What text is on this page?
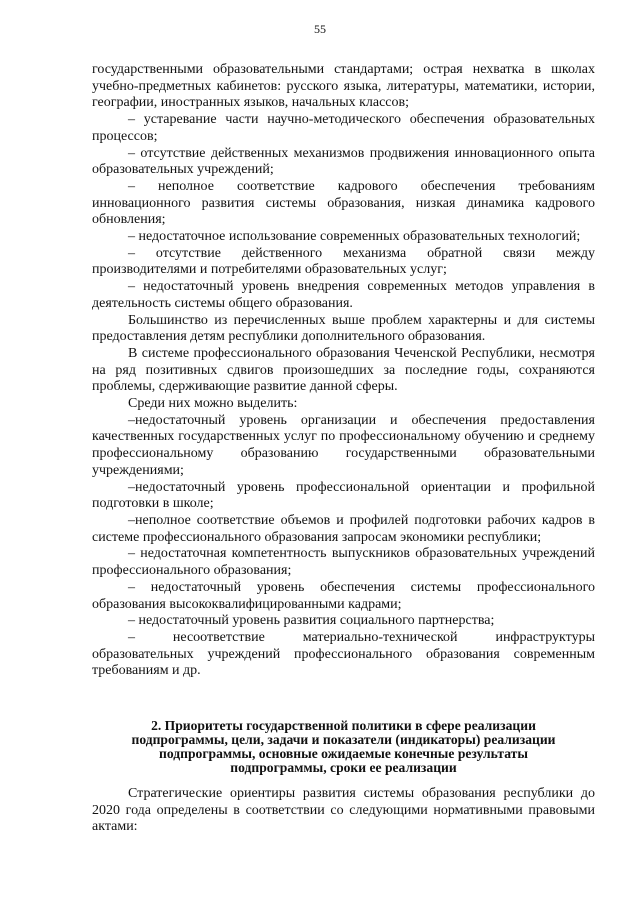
55

государственными образовательными стандартами; острая нехватка в школах учебно-предметных кабинетов: русского языка, литературы, математики, истории, географии, иностранных языков, начальных классов;

– устаревание части научно-методического обеспечения образовательных процессов;

– отсутствие действенных механизмов продвижения инновационного опыта образовательных учреждений;

– неполное соответствие кадрового обеспечения требованиям инновационного развития системы образования, низкая динамика кадрового обновления;

– недостаточное использование современных образовательных технологий;

– отсутствие действенного механизма обратной связи между производителями и потребителями образовательных услуг;

– недостаточный уровень внедрения современных методов управления в деятельность системы общего образования.

Большинство из перечисленных выше проблем характерны и для системы предоставления детям республики дополнительного образования.

В системе профессионального образования Чеченской Республики, несмотря на ряд позитивных сдвигов произошедших за последние годы, сохраняются проблемы, сдерживающие развитие данной сферы.

Среди них можно выделить:

–недостаточный уровень организации и обеспечения предоставления качественных государственных услуг по профессиональному обучению и среднему профессиональному образованию государственными образовательными учреждениями;

–недостаточный уровень профессиональной ориентации и профильной подготовки в школе;

–неполное соответствие объемов и профилей подготовки рабочих кадров в системе профессионального образования запросам экономики республики;

– недостаточная компетентность выпускников образовательных учреждений профессионального образования;

– недостаточный уровень обеспечения системы профессионального образования высококвалифицированными кадрами;

– недостаточный уровень развития социального партнерства;

– несоответствие материально-технической инфраструктуры образовательных учреждений профессионального образования современным требованиям и др.

2. Приоритеты государственной политики в сфере реализации
подпрограммы, цели, задачи и показатели (индикаторы) реализации
подпрограммы, основные ожидаемые конечные результаты
подпрограммы, сроки ее реализации

Стратегические ориентиры развития системы образования республики до 2020 года определены в соответствии со следующими нормативными правовыми актами:
